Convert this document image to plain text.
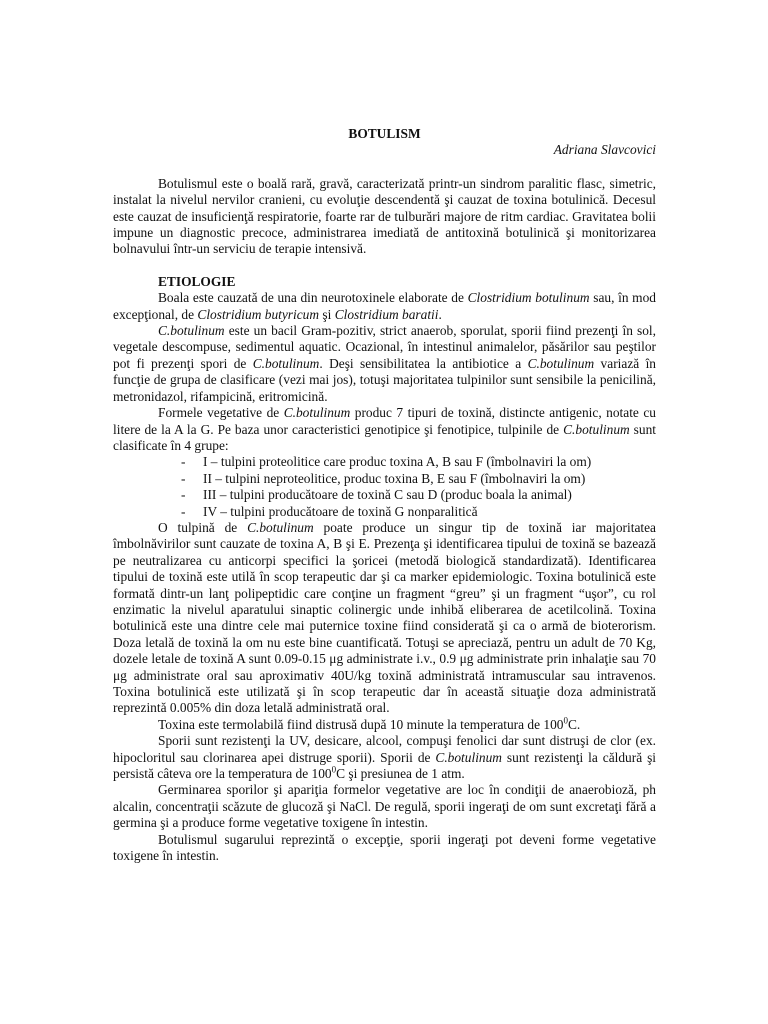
BOTULISM

Adriana Slavcovici

Botulismul este o boală rară, gravă, caracterizată printr-un sindrom paralitic flasc, simetric, instalat la nivelul nervilor cranieni, cu evoluţie descendentă şi cauzat de toxina botulinică. Decesul este cauzat de insuficienţă respiratorie, foarte rar de tulburări majore de ritm cardiac. Gravitatea bolii impune un diagnostic precoce, administrarea imediată de antitoxină botulinică şi monitorizarea bolnavului într-un serviciu de terapie intensivă.

ETIOLOGIE

Boala este cauzată de una din neurotoxinele elaborate de Clostridium botulinum sau, în mod excepţional, de Clostridium butyricum şi Clostridium baratii.

C.botulinum este un bacil Gram-pozitiv, strict anaerob, sporulat, sporii fiind prezenţi în sol, vegetale descompuse, sedimentul aquatic. Ocazional, în intestinul animalelor, păsărilor sau peştilor pot fi prezenţi spori de C.botulinum. Deşi sensibilitatea la antibiotice a C.botulinum variază în funcţie de grupa de clasificare (vezi mai jos), totuşi majoritatea tulpinilor sunt sensibile la penicilină, metronidazol, rifampicină, eritromicină.

Formele vegetative de C.botulinum produc 7 tipuri de toxină, distincte antigenic, notate cu litere de la A la G. Pe baza unor caracteristici genotipice şi fenotipice, tulpinile de C.botulinum sunt clasificate în 4 grupe:

- I – tulpini proteolitice care produc toxina A, B sau F (îmbolnaviri la om)
- II – tulpini neproteolitice, produc toxina B, E sau F (îmbolnaviri la om)
- III – tulpini producătoare de toxină C sau D (produc boala la animal)
- IV – tulpini producătoare de toxină G nonparalitică

O tulpină de C.botulinum poate produce un singur tip de toxină iar majoritatea îmbolnăvirilor sunt cauzate de toxina A, B şi E. Prezenţa şi identificarea tipului de toxină se bazează pe neutralizarea cu anticorpi specifici la şoricei (metodă biologică standardizată). Identificarea tipului de toxină este utilă în scop terapeutic dar şi ca marker epidemiologic. Toxina botulinică este formată dintr-un lanţ polipeptidic care conţine un fragment “greu” şi un fragment “uşor”, cu rol enzimatic la nivelul aparatului sinaptic colinergic unde inhibă eliberarea de acetilcolină. Toxina botulinică este una dintre cele mai puternice toxine fiind considerată şi ca o armă de bioterorism. Doza letală de toxină la om nu este bine cuantificată. Totuşi se apreciază, pentru un adult de 70 Kg, dozele letale de toxină A sunt 0.09-0.15 μg administrate i.v., 0.9 μg administrate prin inhalaţie sau 70 μg administrate oral sau aproximativ 40U/kg toxină administrată intramuscular sau intravenos. Toxina botulinică este utilizată şi în scop terapeutic dar în această situaţie doza administrată reprezintă 0.005% din doza letală administrată oral.

Toxina este termolabilă fiind distrusă după 10 minute la temperatura de $100^0C$.

Sporii sunt rezistenţi la UV, desicare, alcool, compuşi fenolici dar sunt distruşi de clor (ex. hipocloritul sau clorinarea apei distruge sporii). Sporii de C.botulinum sunt rezistenţi la căldură şi persistă câteva ore la temperatura de $100^0C$ şi presiunea de 1 atm.

Germinarea sporilor şi apariţia formelor vegetative are loc în condiţii de anaerobioză, ph alcalin, concentraţii scăzute de glucoză şi NaCl. De regulă, sporii ingeraţi de om sunt excretaţi fără a germina şi a produce forme vegetative toxigene în intestin.

Botulismul sugarului reprezintă o excepţie, sporii ingeraţi pot deveni forme vegetative toxigene în intestin.
